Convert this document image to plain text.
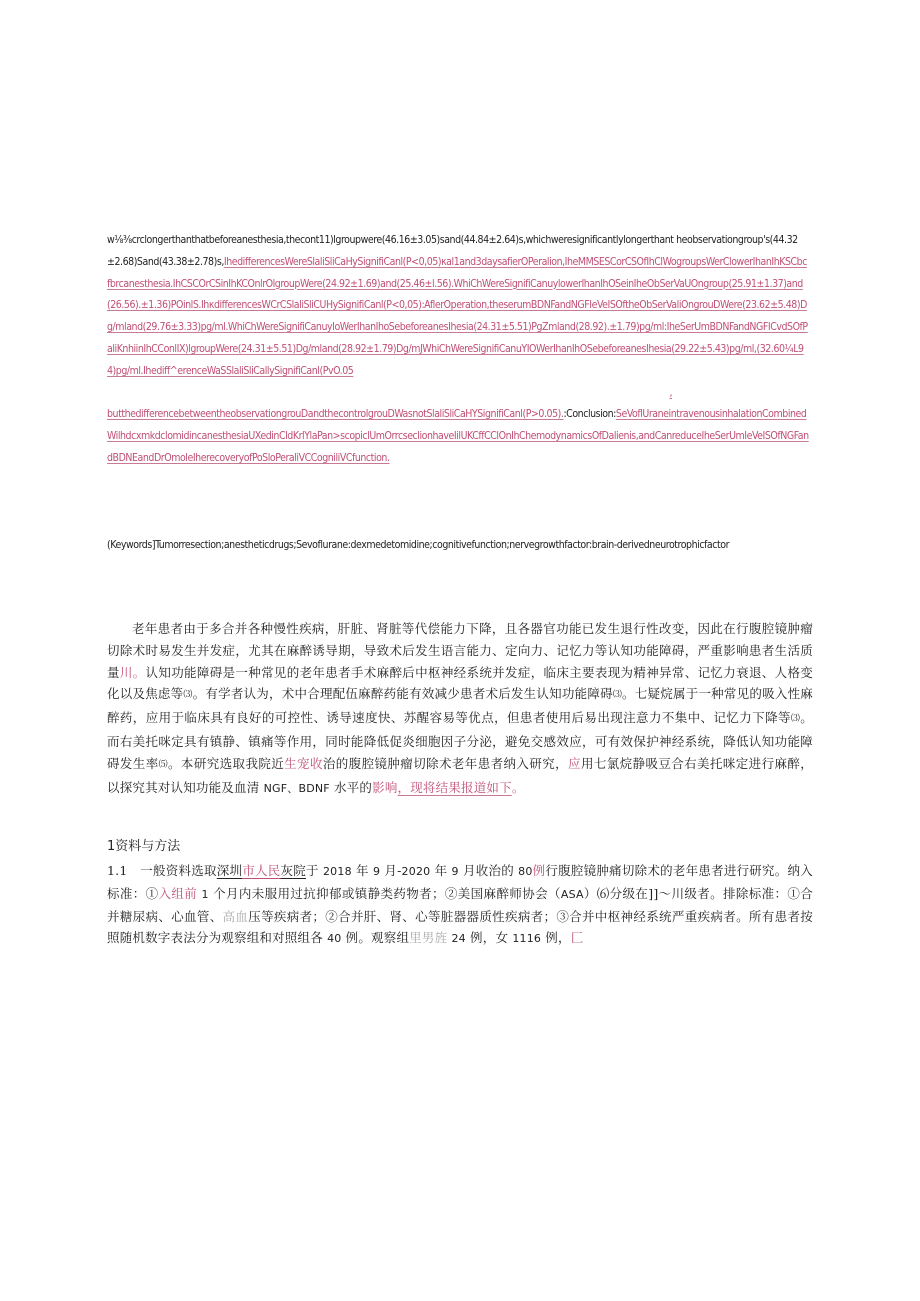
w⅛⅜crclongerthanthatbeforeanesthesia,thecont11)lgroupwere(46.16±3.05)sand(44.84±2.64)s,whichweresignificantlylongerthant heobservationgroup's(44.32±2.68)Sand(43.38±2.78)s,IhedifferencesWereSlaliSliCaHySignifiCanl(P<0,05)κal1and3daysafierOPeralion,IheMMSESCorCSOfIhClWogroupsWerClowerIhanIhKSCbcfbrcanesthesia.IhCSCOrCSinIhKCOnlrOlgroupWere(24.92±1.69)and(25.46±l.56).WhiChWereSignifiCanuylowerIhanIhOSeinIheObSerVaUOngroup(25.91±1.37)and(26.56).±1.36)POinlS.IhκdifferencesWCrCSlaliSliCUHySignifiCanl(P<0,05):AflerOperation,theserumBDNFandNGFIeVeISOftheObSerValiOngrouDWere(23.62±5.48)Dg/mland(29.76±3.33)pg/ml.WhiChWereSignifiCanuyIoWerIhanIhoSebeforeanesIhesia(24.31±5.51)PgZmland(28.92).±1.79)pg/ml:IheSerUmBDNFandNGFICvdSOfPaliKnhiinIhCConlIX)lgroupWere(24.31±5.51)Dg/mland(28.92±1.79)Dg/mJWhiChWereSignifiCanuYIOWerIhanIhOSebeforeanesIhesia(29.22±5.43)pg/ml,(32.60¼L94)pg/ml.Ihediff^erenceWaSSlaliSliCallySignifiCanl(PvO.05,
butthedifferencebetweentheobservationgrouDandthecontrolgrouDWasnotSlaliSliCaHYSignifiCanl(P>0.05).:Conclusion:SeVoflUraneintravenousinhalationCombinedWilhdcxmkdclomidincanesthesiaUXedinCldKrlYlaPan>scopiclUmOrrcseclionhaveIilUKCffCClOnIhChemodynamicsOfDalienis,andCanreduceIheSerUmIeVeISOfNGFandBDNEandDrOmoleIherecoveryofPoSloPeraliVCCogniliVCfunction.
(Keywords]Tumorresection;anestheticdrugs;Sevoflurane:dexmedetomidine;cognitivefunction;nervegrowthfactor:brain-derivedneurotrophicfactor
老年患者由于多合并各种慢性疾病，肝脏、肾脏等代偿能力下降，且各器官功能已发生退行性改变，因此在行腹腔镜肿瘤切除术时易发生并发症，尤其在麻醉诱导期，导致术后发生语言能力、定向力、记忆力等认知功能障碍，严重影响患者生活质量川。认知功能障碍是一种常见的老年患者手术麻醉后中枢神经系统并发症，临床主要表现为精神异常、记忆力衰退、人格变化以及焦虑等⑶。有学者认为，术中合理配伍麻醉药能有效减少患者术后发生认知功能障碍⑶。七疑烷属于一种常见的吸入性麻醉药，应用于临床具有良好的可控性、诱导速度快、苏醒容易等优点，但患者使用后易出现注意力不集中、记忆力下降等⑶。而右美托咪定具有镇静、镇痛等作用，同时能降低促炎细胞因子分泌，避免交感效应，可有效保护神经系统，降低认知功能障碍发生率⑸。本研究选取我院近生宠收治的腹腔镜肿瘤切除术老年患者纳入研究，应用七氯烷静吸豆合右美托咪定进行麻醉，以探究其对认知功能及血清 NGF、BDNF 水平的影响，现将结果报道如下。
1资料与方法
1.1　一般资料选取深圳市人民灰院于 2018 年 9 月-2020 年 9 月收治的 80例行腹腔镜肿痛切除术的老年患者进行研究。纳入标准：①入组前 1 个月内未服用过抗抑郁或镇静类药物者；②美国麻醉师协会（ASA）⑹分级在]]〜川级者。排除标准：①合并糖尿病、心血管、高血压等疾病者；②合并肝、肾、心等脏器器质性疾病者；③合并中枢神经系统严重疾病者。所有患者按照随机数字表法分为观察组和对照组各 40 例。观察组里男旌 24 例，女 1116 例，匚
